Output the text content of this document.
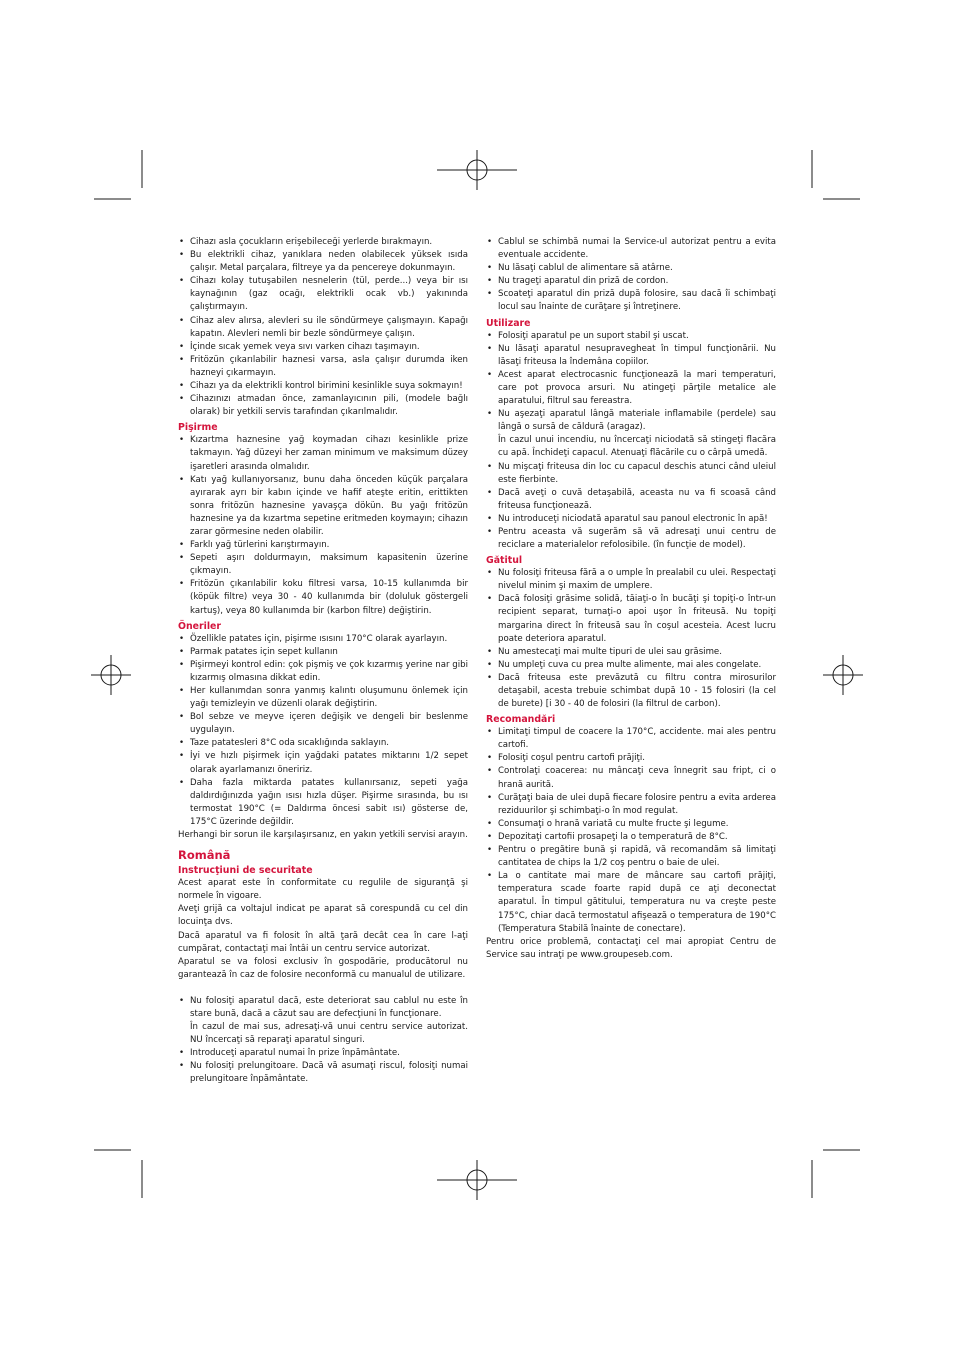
• Cihazı asla çocukların erişebileceği yerlerde bırakmayın.
• Bu elektrikli cihaz, yanıklara neden olabilecek yüksek ısıda çalışır. Metal parçalara, filtreye ya da pencereye dokunmayın.
• Cihazı kolay tutuşabilen nesnelerin (tül, perde...) veya bir ısı kaynağının (gaz ocağı, elektrikli ocak vb.) yakınında çalıştırmayın.
• Cihaz alev alırsa, alevleri su ile söndürmeye çalışmayın. Kapağı kapatın. Alevleri nemli bir bezle söndürmeye çalışın.
• İçinde sıcak yemek veya sıvı varken cihazı taşımayın.
• Fritözün çıkarılabilir haznesi varsa, asla çalışır durumda iken hazneyi çıkarmayın.
• Cihazı ya da elektrikli kontrol birimini kesinlikle suya sokmayın!
• Cihazınızı atmadan önce, zamanlayıcının pili, (modele bağlı olarak) bir yetkili servis tarafından çıkarılmalıdır.
Pişirme
• Kızartma haznesine yağ koymadan cihazı kesinlikle prize takmayın. Yağ düzeyi her zaman minimum ve maksimum düzey işaretleri arasında olmalıdır.
• Katı yağ kullanıyorsanız, bunu daha önceden küçük parçalara ayırarak ayrı bir kabın içinde ve hafif ateşte eritin, erittikten sonra fritözün haznesine yavaşça dökün. Bu yağı fritözün haznesine ya da kızartma sepetine eritmeden koymayın; cihazın zarar görmesine neden olabilir.
• Farklı yağ türlerini karıştırmayın.
• Sepeti aşırı doldurmayın, maksimum kapasitenin üzerine çıkmayın.
• Fritözün çıkarılabilir koku filtresi varsa, 10-15 kullanımda bir (köpük filtre) veya 30 - 40 kullanımda bir (doluluk göstergeli kartuş), veya 80 kullanımda bir (karbon filtre) değiştirin.
Öneriler
• Özellikle patates için, pişirme ısısını 170°C olarak ayarlayın.
• Parmak patates için sepet kullanın
• Pişirmeyi kontrol edin: çok pişmiş ve çok kızarmış yerine nar gibi kızarmış olmasına dikkat edin.
• Her kullanımdan sonra yanmış kalıntı oluşumunu önlemek için yağı temizleyin ve düzenli olarak değiştirin.
• Bol sebze ve meyve içeren değişik ve dengeli bir beslenme uygulayın.
• Taze patatesleri 8°C oda sıcaklığında saklayın.
• İyi ve hızlı pişirmek için yağdaki patates miktarını 1/2 sepet olarak ayarlamanızı öneririz.
• Daha fazla miktarda patates kullanırsanız, sepeti yağa daldırdığınızda yağın ısısı hızla düşer. Pişirme sırasında, bu ısı termostat 190°C (= Daldırma öncesi sabit ısı) gösterse de, 175°C üzerinde değildir.

Herhangi bir sorun ile karşılaşırsanız, en yakın yetkili servisi arayın.

Română
Instrucţiuni de securitate

Acest aparat este în conformitate cu regulile de siguranţă şi normele în vigoare.

Aveţi grijă ca voltajul indicat pe aparat să corespundă cu cel din locuinţa dvs.

Dacă aparatul va fi folosit în altă ţară decât cea în care l-aţi cumpărat, contactaţi mai întâi un centru service autorizat.

Aparatul se va folosi exclusiv în gospodărie, producătorul nu garantează în caz de folosire neconformă cu manualul de utilizare.

• Nu folosiţi aparatul dacă, este deteriorat sau cablul nu este în stare bună, dacă a căzut sau are defecţiuni în funcţionare.

În cazul de mai sus, adresaţi-vă unui centru service autorizat. NU încercaţi să reparaţi aparatul singuri.

• Introduceţi aparatul numai în prize înpământate.
• Nu folosiţi prelungitoare. Dacă vă asumaţi riscul, folosiţi numai prelungitoare înpământate.
• Cablul se schimbă numai la Service-ul autorizat pentru a evita eventuale accidente.
• Nu lăsaţi cablul de alimentare să atârne.
• Nu trageţi aparatul din priză de cordon.
• Scoateţi aparatul din priză după folosire, sau dacă îi schimbaţi locul sau înainte de curăţare şi întreţinere.
Utilizare
• Folosiţi aparatul pe un suport stabil şi uscat.
• Nu lăsaţi aparatul nesupravegheat în timpul funcţionării. Nu lăsaţi friteusa la îndemâna copiilor.
• Acest aparat electrocasnic funcţionează la mari temperaturi, care pot provoca arsuri. Nu atingeţi părţile metalice ale aparatului, filtrul sau fereastra.
• Nu aşezaţi aparatul lângă materiale inflamabile (perdele) sau lângă o sursă de căldură (aragaz).

În cazul unui incendiu, nu încercaţi niciodată să stingeţi flacăra cu apă. Închideţi capacul. Atenuaţi flăcările cu o cârpă umedă.

• Nu mişcaţi friteusa din loc cu capacul deschis atunci când uleiul este fierbinte.
• Dacă aveţi o cuvă detaşabilă, aceasta nu va fi scoasă când friteusa funcţionează.
• Nu introduceţi niciodată aparatul sau panoul electronic în apă!
• Pentru aceasta vă sugerăm să vă adresaţi unui centru de reciclare a materialelor refolosibile. (în funcţie de model).
Gătitul
• Nu folosiţi friteusa fără a o umple în prealabil cu ulei. Respectaţi nivelul minim şi maxim de umplere.
• Dacă folosiţi grăsime solidă, tăiaţi-o în bucăţi şi topiţi-o într-un recipient separat, turnaţi-o apoi uşor în friteusă. Nu topiţi margarina direct în friteusă sau în coşul acesteia. Acest lucru poate deteriora aparatul.
• Nu amestecaţi mai multe tipuri de ulei sau grăsime.
• Nu umpleţi cuva cu prea multe alimente, mai ales congelate.
• Dacă friteusa este prevăzută cu filtru contra mirosurilor detaşabil, acesta trebuie schimbat după 10 - 15 folosiri (la cel de burete) [i 30 - 40 de folosiri (la filtrul de carbon).
Recomandări
• Limitaţi timpul de coacere la 170°C, accidente. mai ales pentru cartofi.
• Folosiţi coşul pentru cartofi prăjiţi.
• Controlaţi coacerea: nu mâncaţi ceva înnegrit sau fript, ci o hrană aurită.
• Curăţaţi baia de ulei după fiecare folosire pentru a evita arderea reziduurilor şi schimbaţi-o în mod regulat.
• Consumaţi o hrană variată cu multe fructe şi legume.
• Depozitaţi cartofii prosapeţi la o temperatură de 8°C.
• Pentru o pregătire bună şi rapidă, vă recomandăm să limitaţi cantitatea de chips la 1/2 coş pentru o baie de ulei.
• La o cantitate mai mare de mâncare sau cartofi prăjiţi, temperatura scade foarte rapid după ce aţi deconectat aparatul. În timpul gătitului, temperatura nu va creşte peste 175°C, chiar dacă termostatul afişează o temperatura de 190°C (Temperatura Stabilă înainte de conectare).

Pentru orice problemă, contactaţi cel mai apropiat Centru de Service sau intraţi pe www.groupeseb.com.
